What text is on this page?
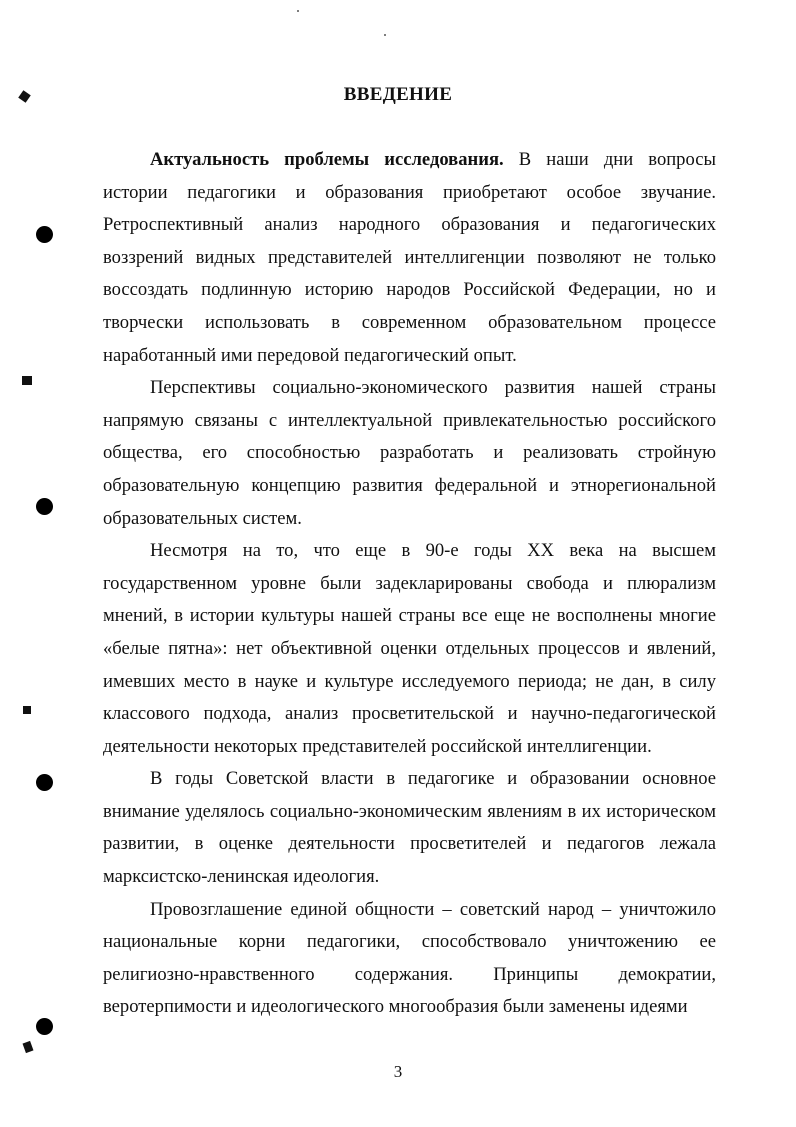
ВВЕДЕНИЕ

Актуальность проблемы исследования. В наши дни вопросы истории педагогики и образования приобретают особое звучание. Ретроспективный анализ народного образования и педагогических воззрений видных представителей интеллигенции позволяют не только воссоздать подлинную историю народов Российской Федерации, но и творчески использовать в современном образовательном процессе наработанный ими передовой педагогический опыт.

Перспективы социально-экономического развития нашей страны напрямую связаны с интеллектуальной привлекательностью российского общества, его способностью разработать и реализовать стройную образовательную концепцию развития федеральной и этнорегиональной образовательных систем.

Несмотря на то, что еще в 90-е годы XX века на высшем государственном уровне были задекларированы свобода и плюрализм мнений, в истории культуры нашей страны все еще не восполнены многие «белые пятна»: нет объективной оценки отдельных процессов и явлений, имевших место в науке и культуре исследуемого периода; не дан, в силу классового подхода, анализ просветительской и научно-педагогической деятельности некоторых представителей российской интеллигенции.

В годы Советской власти в педагогике и образовании основное внимание уделялось социально-экономическим явлениям в их историческом развитии, в оценке деятельности просветителей и педагогов лежала марксистско-ленинская идеология.

Провозглашение единой общности – советский народ – уничтожило национальные корни педагогики, способствовало уничтожению ее религиозно-нравственного содержания. Принципы демократии, веротерпимости и идеологического многообразия были заменены идеями

3
